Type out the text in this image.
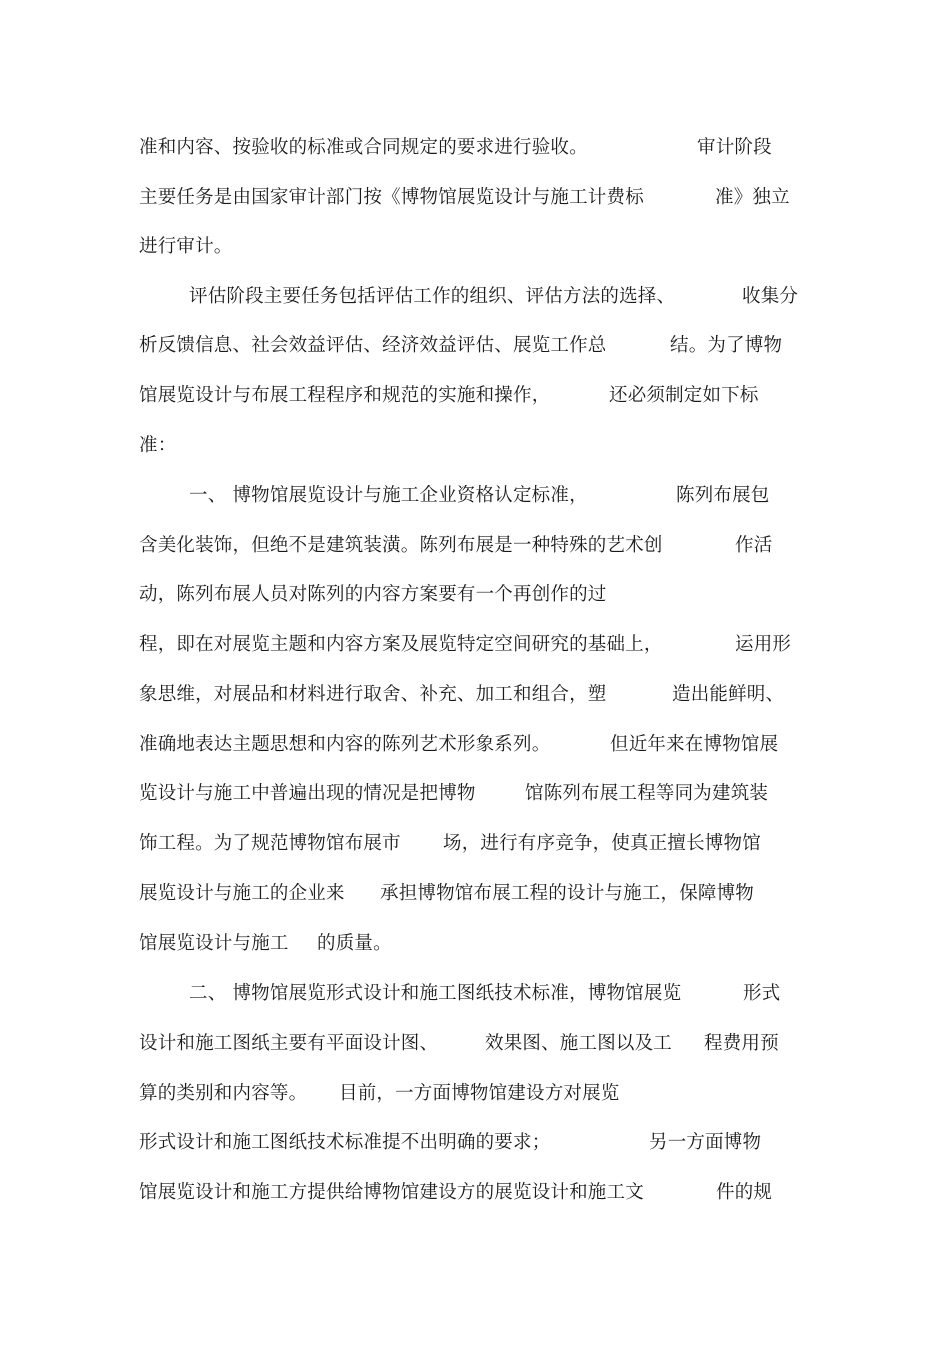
准和内容、按验收的标准或合同规定的要求进行验收。	审计阶段
主要任务是由国家审计部门按《博物馆展览设计与施工计费标	准》独立
进行审计。
评估阶段主要任务包括评估工作的组织、评估方法的选择、	收集分
析反馈信息、社会效益评估、经济效益评估、展览工作总	结。为了博物
馆展览设计与布展工程程序和规范的实施和操作，	还必须制定如下标
准：
一、 博物馆展览设计与施工企业资格认定标准，	陈列布展包
含美化装饰，但绝不是建筑装潢。陈列布展是一种特殊的艺术创	作活
动，陈列布展人员对陈列的内容方案要有一个再创作的过
程，即在对展览主题和内容方案及展览特定空间研究的基础上，	运用形
象思维，对展品和材料进行取舍、补充、加工和组合，塑	造出能鲜明、
准确地表达主题思想和内容的陈列艺术形象系列。	但近年来在博物馆展
览设计与施工中普遍出现的情况是把博物	馆陈列布展工程等同为建筑装
饰工程。为了规范博物馆布展市 场，进行有序竞争，使真正擅长博物馆
展览设计与施工的企业来 承担博物馆布展工程的设计与施工，保障博物
馆展览设计与施工 的质量。
二、 博物馆展览形式设计和施工图纸技术标准，博物馆展览	形式
设计和施工图纸主要有平面设计图、	效果图、施工图以及工 程费用预
算的类别和内容等。 目前，一方面博物馆建设方对展览
形式设计和施工图纸技术标准提不出明确的要求；	另一方面博物
馆展览设计和施工方提供给博物馆建设方的展览设计和施工文	件的规
